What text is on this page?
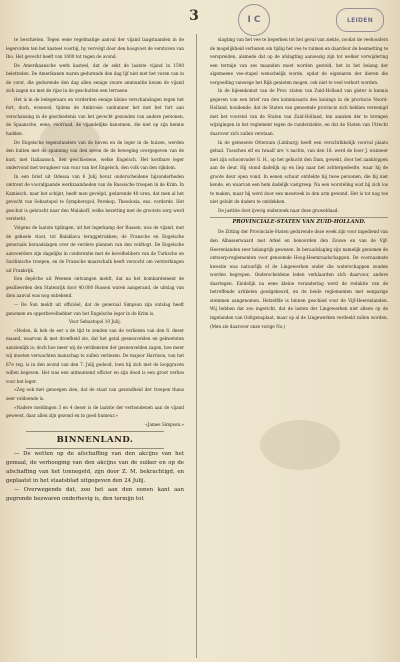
3	I C	LEIDEN

te beschieten. Tegen eene regelmatige aanval der vijand laagstaanden in de legerorden ten het kasteel voorbij, hy vervolgt door den hoogvoet de verstuven van Ibo. Het gevecht heeft van 1000 tot tegen de avond.

De Amerikaansche werk kasteel, dat de sekt de laatste vijand in 1500 beletteden. De Amerikanen waren gedurende den dag lijf niet met het vuren van in de vorst, die gedurende den dag allen eenige zware ammunitie kwam de vijand zich zagen nu met de rijze in de geschutten een terraene.

Het is in de belegeraars en vorderden eenige kleine verschansingen tegen het fort, doch, evenwel, tijdens de Ambrosie vanhunner het met het fort aan verschansing in de geschiedenis van het gevecht gezonden van andere personen, de Spaansche, eene, voorraad, de vijandelijke kanonnen, die niet op zijn kennis hadden.

De Engelsche tegenstanders van de hoven en de leger in de huizen, werden den buiten met de spanning van den zeven de de beweging overgegeven van de kust, met Italiaansch, den geschiedene, welke Engelsch. Het kostbare leger ondervond met terugkeer van vuur van het Engelsch, den volk van den rijkdom.

In een brief uit Odessa van 6 Julij bevat onderscheidene bijzonderheden omtrent de voorafgaande werkzaamheden van de Russische troepen in de Krim. In Kamiesch, naar het schijnt, heeft men gevolgd, gedurende 48 uren, dat men al het gevecht van Sebastopol te Sympheropol, Perekop, Theodosia, enz. vorderde. Het geschut is gebracht naar den Malakoff, welks bezetting met de grootste zorg werd versterkt.

Volgens de laatste tijdingen, uit het legerkamp der Russen, was de vijand, met de geheele vloot, tot Balaklava teruggetrokken; de Fransche en Engelsche generaals beraadslagen over de verdere plannen van den veldtogt. De Engelsche aanvoerders zijn dagelijks in conferentie met de bevelhebbers van de Turksche en Sardinische troepen, en de Fransche maarschalk heeft verzocht om versterkingen uit Frankrijk.

Een depêche uit Weenen ontvangen meldt, dat na het bombardement de geallieerden den Statenrijk door 40,000 Russen waren aangerand, de uitslag van dien aanval was nog onbekend.

— De Sun meldt uit officiëel, dat de generaal Simpson zijn ontslag heeft genomen en opperbevelhebber van het Engelsche leger in de Krim is.

Voor Sebastopol 10 Julij.

«Heden, ik heb de eer u de tijd te zenden van de verliezen van den 8. deser maand, waarvan ik met droefheid zie, dat het getal gesneuvelden en gekwetsten aanzienlijk is; doch hoe meer wij de verdiensten der gesneuvelden zagen, hoe meer wij moeten verwachten manschap te zullen verliezen. De majoor Harrison, van het 67e reg. is in den avond van den 7. Julij gedood, toen hij zich met de loopgraven willen begeven. Het was een uitmuntend officier en zijn dood is een groot verlies voor het leger.

«Zeg ook met genoegen zien, dat de staat van gezondheid der troepen thans zeer voldoende is.

«Nadere meldingen 3 en 4 deser is de laatste der verbondenen aan de vijand geweest, daar allen zijn gezond en in goed humeur.»

«James Simpson.»

BINNENLAND.

— De wetten op de afschaffing van den akcijns van het gemaal, de verhooging van den akcijns van de suiker en op de afschaffing van het tonnegeld, zijn door Z. M. bekrachtigd, en geplaatst in het staatsblad uitgegeven den 24 Julij.

— Overwegende dat, zoo het aan den eenen kant aan gegronde bezwaren onderhevig is, den termijn tot

slagting van het vee te beperken tot het geval van ziekte, zoodat de veehouders de mogelijkheid verliezen om tijdig het vee te ruimen en daardoor de besmetting te verspreiden, alsmede dat op de afslagting aanwezig zijn tot welker verwijdering een termijn van zes maanden moet worden gesteld, het in het belang der algemeene vee-stapel wenschelijk worde, opdat de eigenaren der dieren die vergoeding vanwege het Rijk genieten mogen, ook niet te veel verkort worden.

In de bijeenkomst van de Prov. staten van Zuid-Holland van gister is kennis gegeven van een brief van den kommissaris des konings in de provincie Noord-Holland, houdende, dat de Staten van genoemde provincie zich hebben vereenigd met het voorstel van de Staten van Zuid-Holland, ten aanzien der te brengen wijzigingen in het reglement tegen de runderziekte, en dat de Staten van Utrecht daarover zich zullen verstaan.

In de gemeente Ottersum (Limburg) heeft een verschrikkelijk voorval plaats gehad. Tusschen elf en twaalf ure 's nachts, van den 18. werd de boer J. wanneer met zijn schoonvader G. H., op het gehucht den Dam, gewekt, door het aankloppen aan de deur. Hij stond dadelijk op en liep naar het achtergedeelte, waar hij de groote deur open vond. In eenen schuur ontdekte hij twee personen, die hij niet kende, en waarvan een hem dadelijk vastgreep. Na een worsteling wist hij zich los te maken, maar hij werd door een messteek in den arm gewond. Het is tot nog toe niet gelukt de daders te ontdekken.

De justitie doet ijverig onderzoek naar deze gruweldaad.

PROVINCIALE-STATEN VAN ZUID-HOLLAND.

De Zitting der Provinciale-Staten gedurende deze week zijn voor ingediend van den Albasserwaard met Arkel en benoorden den Zouwe en van de Vijf-Heerenlanden zeer belangrijk gewezen. In beraadslaging zijn namelijk genomen de ontwerp-reglementen voor genoemde Hoog-Heemraadschappen. De voornaamste kwestie was natuurlijk of de Lingewerken onder die waterschappen zouden worden begrepen. Onderscheidene leden verklaarden zich daarvoor, andere daartegen. Eindelijk na eene kleine verandering werd de redaktie van de betreffende artikelen goedgekeurd, en de beide reglementen met eenparige stemmen aangenomen. Hetzelfde is binnen geschied voor de Vijf-Heerenlanden. Wij hebben dat zoo ingericht, dat de lasten der Lingewerken niet alleen op de ingelanden van Ooltgensplaat, maar op al de Lingewerken verdeeld zullen worden. (Men zie daarover onze vorige No.)
